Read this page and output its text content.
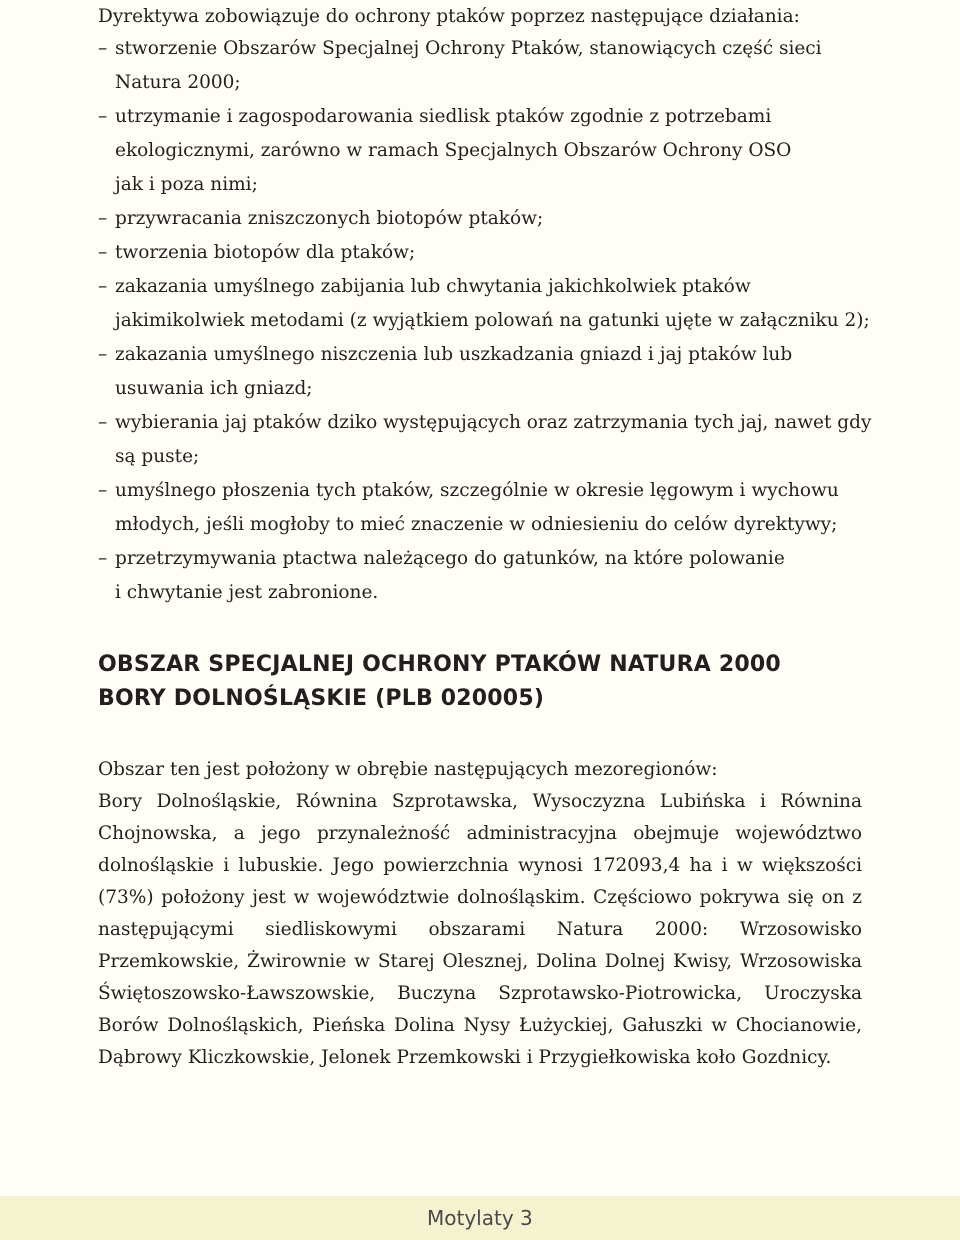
Dyrektywa zobowiązuje do ochrony ptaków poprzez następujące działania:

– stworzenie Obszarów Specjalnej Ochrony Ptaków, stanowiących część sieci
Natura 2000;
– utrzymanie i zagospodarowania siedlisk ptaków zgodnie z potrzebami
ekologicznymi, zarówno w ramach Specjalnych Obszarów Ochrony OSO
jak i poza nimi;
– przywracania zniszczonych biotopów ptaków;
– tworzenia biotopów dla ptaków;
– zakazania umyślnego zabijania lub chwytania jakichkolwiek ptaków
jakimikolwiek metodami (z wyjątkiem polowań na gatunki ujęte w załączniku 2);
– zakazania umyślnego niszczenia lub uszkadzania gniazd i jaj ptaków lub
usuwania ich gniazd;
– wybierania jaj ptaków dziko występujących oraz zatrzymania tych jaj, nawet gdy
są puste;
– umyślnego płoszenia tych ptaków, szczególnie w okresie lęgowym i wychowu
młodych, jeśli mogłoby to mieć znaczenie w odniesieniu do celów dyrektywy;
– przetrzymywania ptactwa należącego do gatunków, na które polowanie
i chwytanie jest zabronione.
OBSZAR SPECJALNEJ OCHRONY PTAKÓW NATURA 2000
BORY DOLNOŚLĄSKIE (PLB 020005)

Obszar ten jest położony w obrębie następujących mezoregionów:

Bory Dolnośląskie, Równina Szprotawska, Wysoczyzna Lubińska i Równina Chojnowska, a jego przynależność administracyjna obejmuje województwo dolnośląskie i lubuskie. Jego powierzchnia wynosi 172093,4 ha i w większości (73%) położony jest w województwie dolnośląskim. Częściowo pokrywa się on z następującymi siedliskowymi obszarami Natura 2000: Wrzosowisko Przemkowskie, Żwirownie w Starej Olesznej, Dolina Dolnej Kwisy, Wrzosowiska Świętoszowsko-Ławszowskie, Buczyna Szprotawsko-Piotrowicka, Uroczyska Borów Dolnośląskich, Pieńska Dolina Nysy Łużyckiej, Gałuszki w Chocianowie, Dąbrowy Kliczkowskie, Jelonek Przemkowski i Przygiełkowiska koło Gozdnicy.

Motylaty 3
